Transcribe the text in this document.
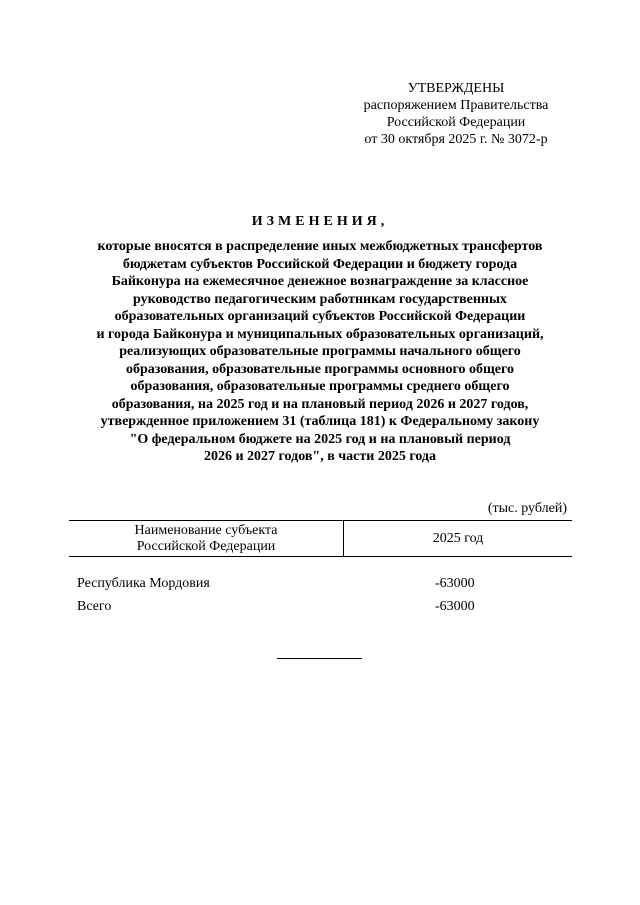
УТВЕРЖДЕНЫ
распоряжением Правительства
Российской Федерации
от 30 октября 2025 г. № 3072-р
ИЗМЕНЕНИЯ,
которые вносятся в распределение иных межбюджетных трансфертов
бюджетам субъектов Российской Федерации и бюджету города
Байконура на ежемесячное денежное вознаграждение за классное
руководство педагогическим работникам государственных
образовательных организаций субъектов Российской Федерации
и города Байконура и муниципальных образовательных организаций,
реализующих образовательные программы начального общего
образования, образовательные программы основного общего
образования, образовательные программы среднего общего
образования, на 2025 год и на плановый период 2026 и 2027 годов,
утвержденное приложением 31 (таблица 181) к Федеральному закону
"О федеральном бюджете на 2025 год и на плановый период
2026 и 2027 годов", в части 2025 года
(тыс. рублей)
Наименование субъекта
Российской Федерации
2025 год
Республика Мордовия	-63000
Всего	-63000
